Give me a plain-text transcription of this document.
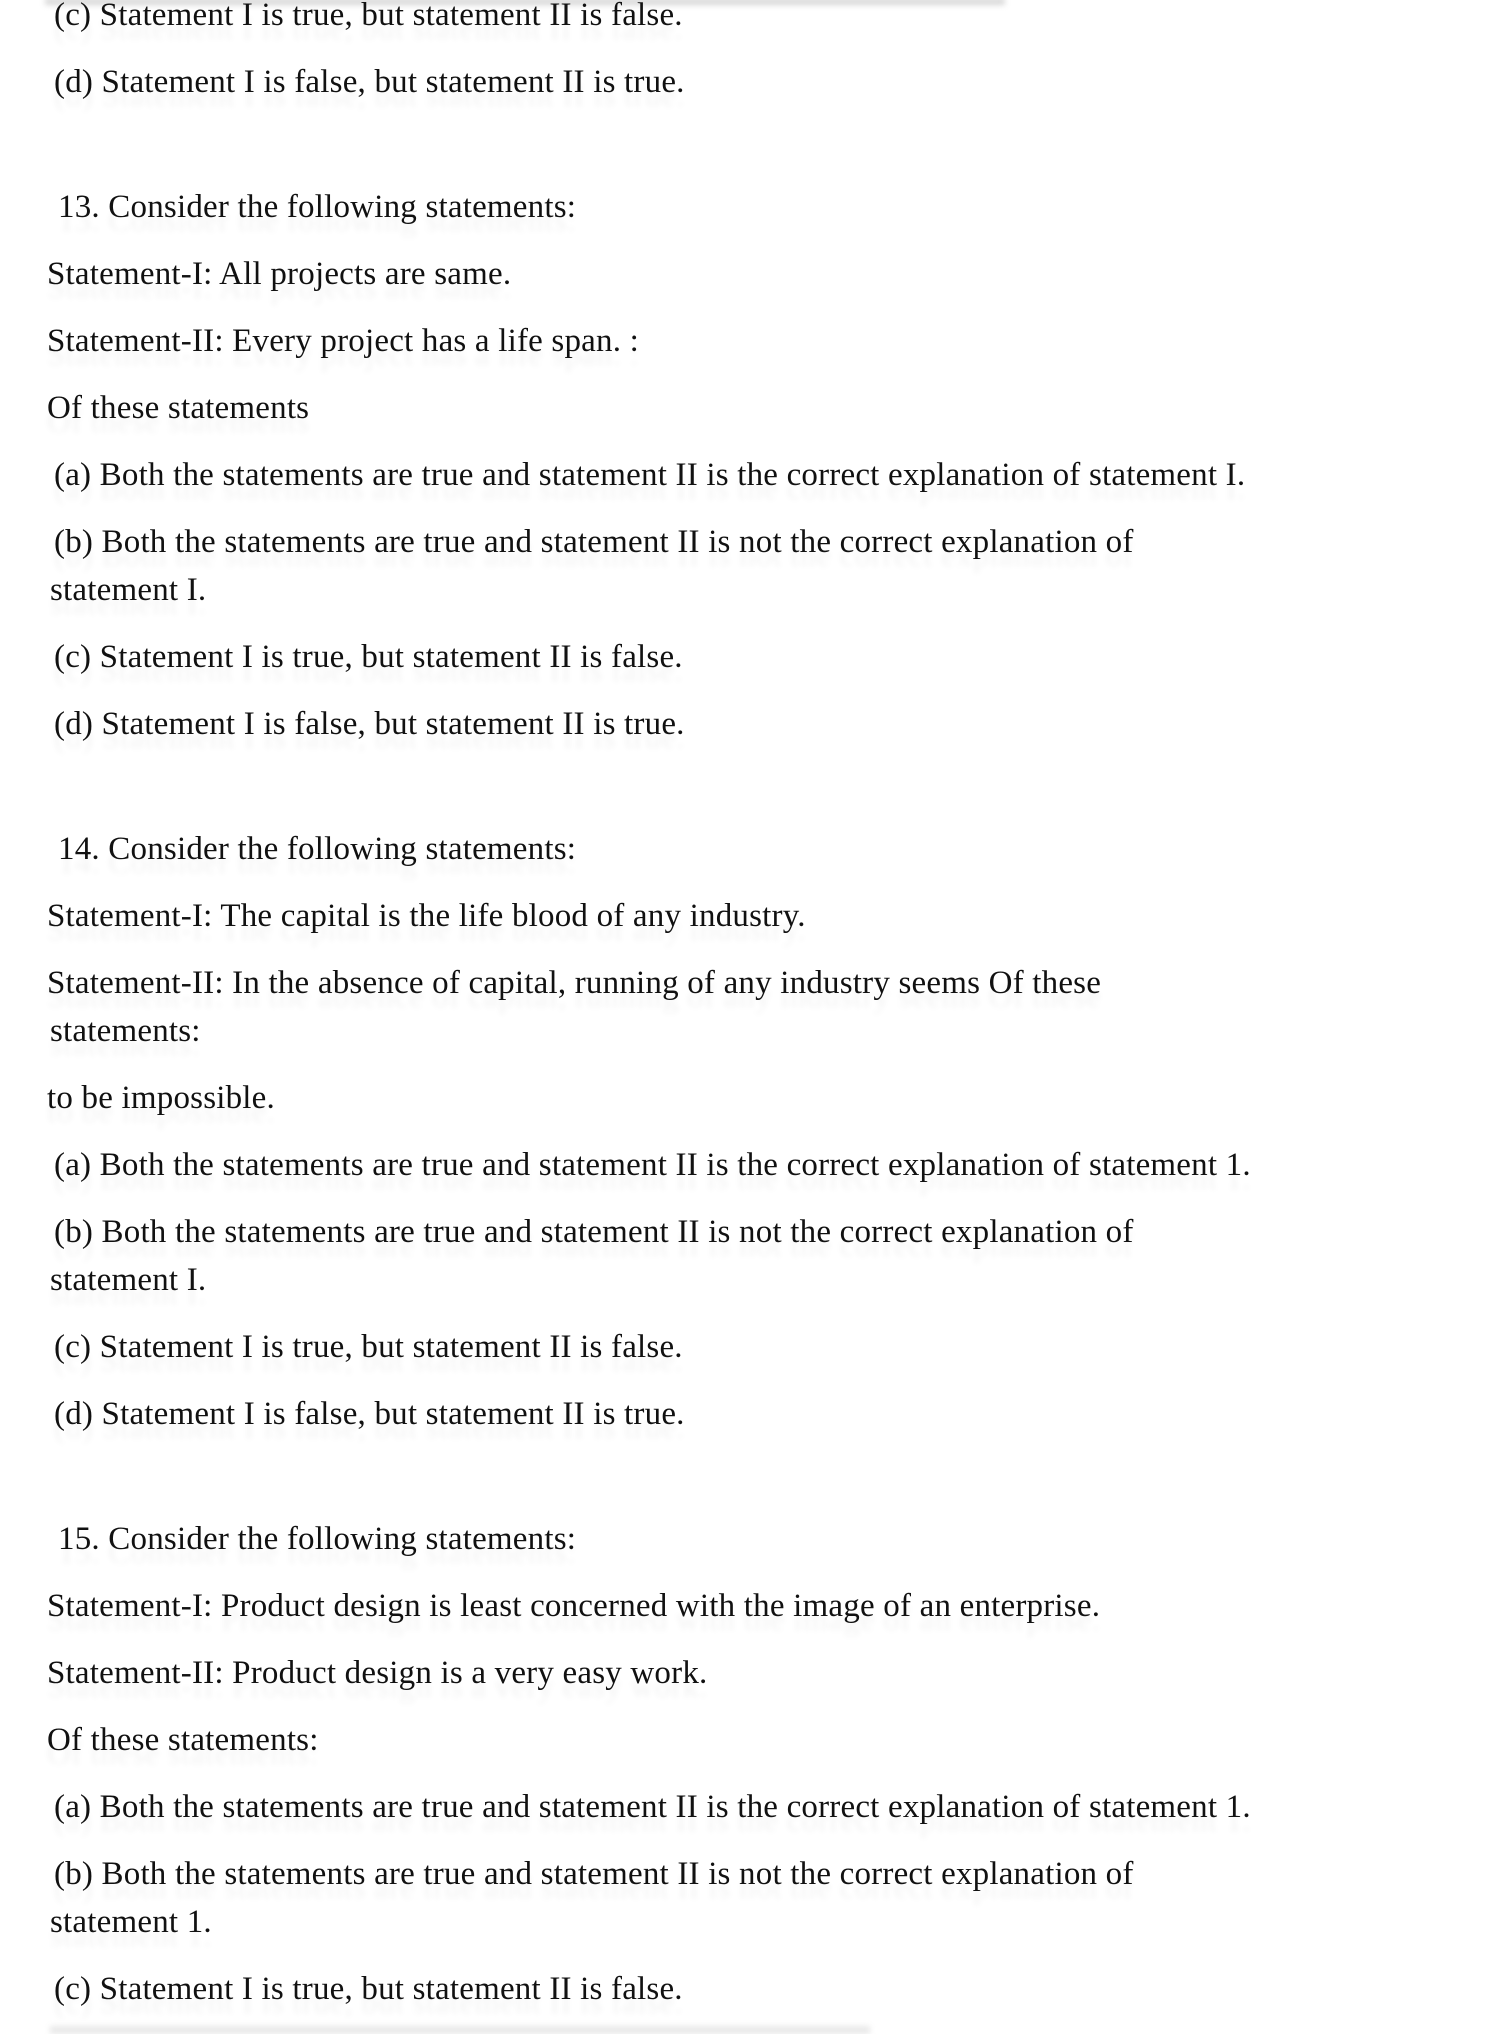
(c) Statement I is true, but statement II is false.

(d) Statement I is false, but statement II is true.

13. Consider the following statements:

Statement-I: All projects are same.

Statement-II: Every project has a life span. :

Of these statements

(a) Both the statements are true and statement II is the correct explanation of statement I.

(b) Both the statements are true and statement II is not the correct explanation of

statement I.

(c) Statement I is true, but statement II is false.

(d) Statement I is false, but statement II is true.

14. Consider the following statements:

Statement-I: The capital is the life blood of any industry.

Statement-II: In the absence of capital, running of any industry seems Of these

statements:

to be impossible.

(a) Both the statements are true and statement II is the correct explanation of statement 1.

(b) Both the statements are true and statement II is not the correct explanation of

statement I.

(c) Statement I is true, but statement II is false.

(d) Statement I is false, but statement II is true.

15. Consider the following statements:

Statement-I: Product design is least concerned with the image of an enterprise.

Statement-II: Product design is a very easy work.

Of these statements:

(a) Both the statements are true and statement II is the correct explanation of statement 1.

(b) Both the statements are true and statement II is not the correct explanation of

statement 1.

(c) Statement I is true, but statement II is false.
